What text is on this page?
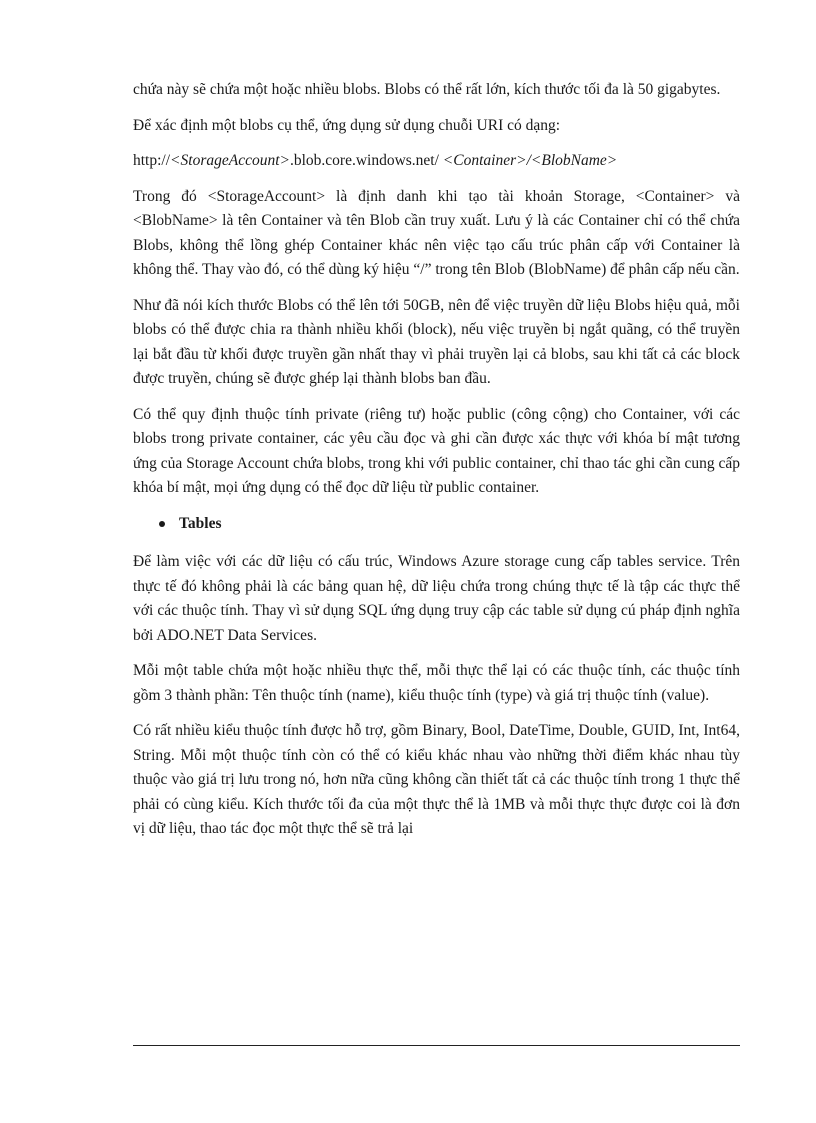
chứa này sẽ chứa một hoặc nhiều blobs. Blobs có thể rất lớn, kích thước tối đa là 50 gigabytes.

Để xác định một blobs cụ thể, ứng dụng sử dụng chuỗi URI có dạng:

http://<StorageAccount>.blob.core.windows.net/ <Container>/<BlobName>

Trong đó <StorageAccount> là định danh khi tạo tài khoản Storage, <Container> và <BlobName> là tên Container và tên Blob cần truy xuất. Lưu ý là các Container chỉ có thể chứa Blobs, không thể lồng ghép Container khác nên việc tạo cấu trúc phân cấp với Container là không thể. Thay vào đó, có thể dùng ký hiệu “/” trong tên Blob (BlobName) để phân cấp nếu cần.

Như đã nói kích thước Blobs có thể lên tới 50GB, nên để việc truyền dữ liệu Blobs hiệu quả, mỗi blobs có thể được chia ra thành nhiều khối (block), nếu việc truyền bị ngắt quãng, có thể truyền lại bắt đầu từ khối được truyền gần nhất thay vì phải truyền lại cả blobs, sau khi tất cả các block được truyền, chúng sẽ được ghép lại thành blobs ban đầu.

Có thể quy định thuộc tính private (riêng tư) hoặc public (công cộng) cho Container, với các blobs trong private container, các yêu cầu đọc và ghi cần được xác thực với khóa bí mật tương ứng của Storage Account chứa blobs, trong khi với public container, chỉ thao tác ghi cần cung cấp khóa bí mật, mọi ứng dụng có thể đọc dữ liệu từ public container.

Tables

Để làm việc với các dữ liệu có cấu trúc, Windows Azure storage cung cấp tables service. Trên thực tế đó không phải là các bảng quan hệ, dữ liệu chứa trong chúng thực tế là tập các thực thể với các thuộc tính. Thay vì sử dụng SQL ứng dụng truy cập các table sử dụng cú pháp định nghĩa bởi ADO.NET Data Services.

Mỗi một table chứa một hoặc nhiều thực thể, mỗi thực thể lại có các thuộc tính, các thuộc tính gồm 3 thành phần: Tên thuộc tính (name), kiểu thuộc tính (type) và giá trị thuộc tính (value).

Có rất nhiều kiểu thuộc tính được hỗ trợ, gồm Binary, Bool, DateTime, Double, GUID, Int, Int64, String. Mỗi một thuộc tính còn có thể có kiểu khác nhau vào những thời điểm khác nhau tùy thuộc vào giá trị lưu trong nó, hơn nữa cũng không cần thiết tất cả các thuộc tính trong 1 thực thể phải có cùng kiểu. Kích thước tối đa của một thực thể là 1MB và mỗi thực thực được coi là đơn vị dữ liệu, thao tác đọc một thực thể sẽ trả lại
